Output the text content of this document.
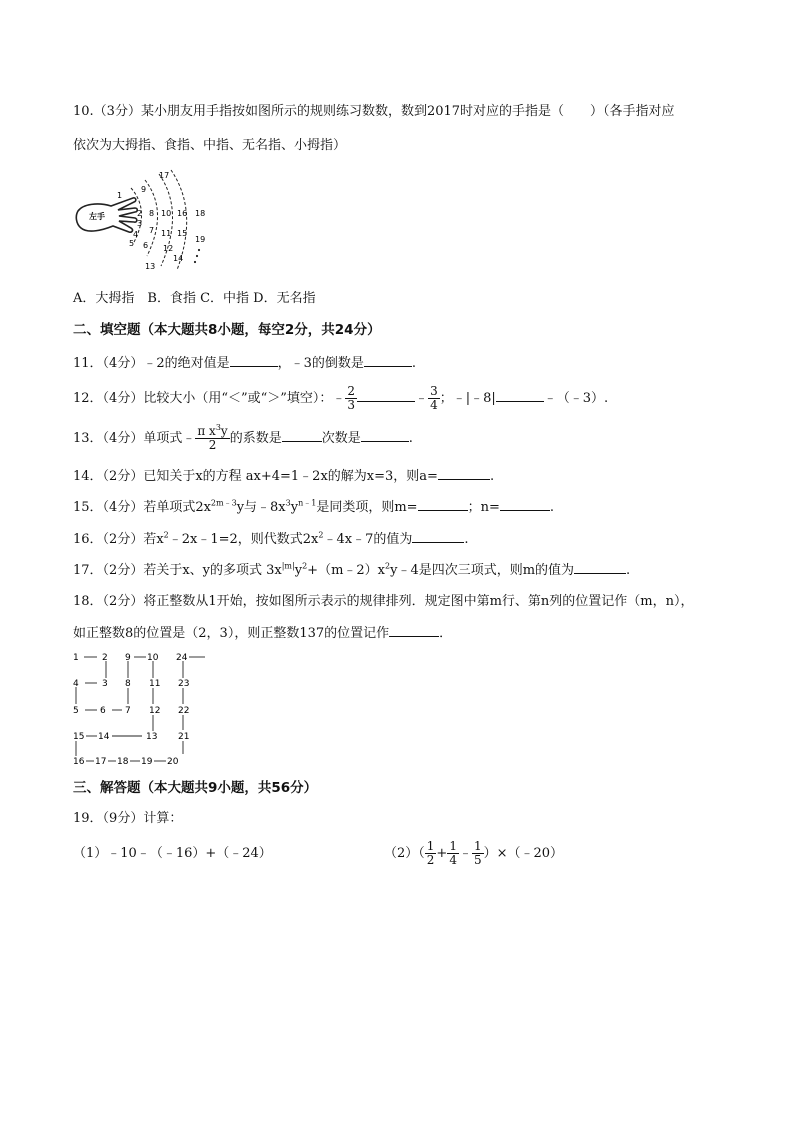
10.（3分）某小朋友用手指按如图所示的规则练习数数，数到2017时对应的手指是（　　）（各手指对应
依次为大拇指、食指、中指、无名指、小拇指）
左手
1
2
3
4
5 6
7
8
9
10
11
12
13
14
15
16
17
18
19
A．大拇指　B．食指 C．中指 D．无名指
二、填空题（本大题共8小题，每空2分，共24分）
11．（4分）﹣2的绝对值是	，﹣3的倒数是	.
12．（4分）比较大小（用“＜”或“＞”填空）：﹣ $\frac{2}{3}$	﹣ $\frac{3}{4}$ ；﹣|﹣8|	﹣（﹣3）.
13．（4分）单项式﹣ $\frac{\pi x^3y}{2}$ 的系数是	次数是	.
14．（2分）已知关于x的方程 ax+4=1﹣2x的解为x=3，则a=	.
15．（4分）若单项式$2x^{2m﹣3}y$与$﹣8x^3y^{n﹣1}$是同类项，则m=	；n=	.
16．（2分）若$x^2﹣2x﹣1=2$，则代数式$2x^2﹣4x﹣7$的值为	.
17．（2分）若关于x、y的多项式 $3x^{|m|}y^2+(m﹣2)x^2y﹣4$是四次三项式，则m的值为	.
18．（2分）将正整数从1开始，按如图所示表示的规律排列．规定图中第m行、第n列的位置记作（m，n），
如正整数8的位置是（2，3），则正整数137的位置记作	．
1	2
3
4
5 6 7
8
9 10
11
12
13
14
15
16 17 18 19 20
21
22
23
24
三、解答题（本大题共9小题，共56分）
19．（9分）计算：
（1）﹣10﹣（﹣16）+（﹣24）	$(2)( \frac{1}{2} + \frac{1}{4}$ ﹣ $\frac{1}{5}$ ）×（﹣20）
